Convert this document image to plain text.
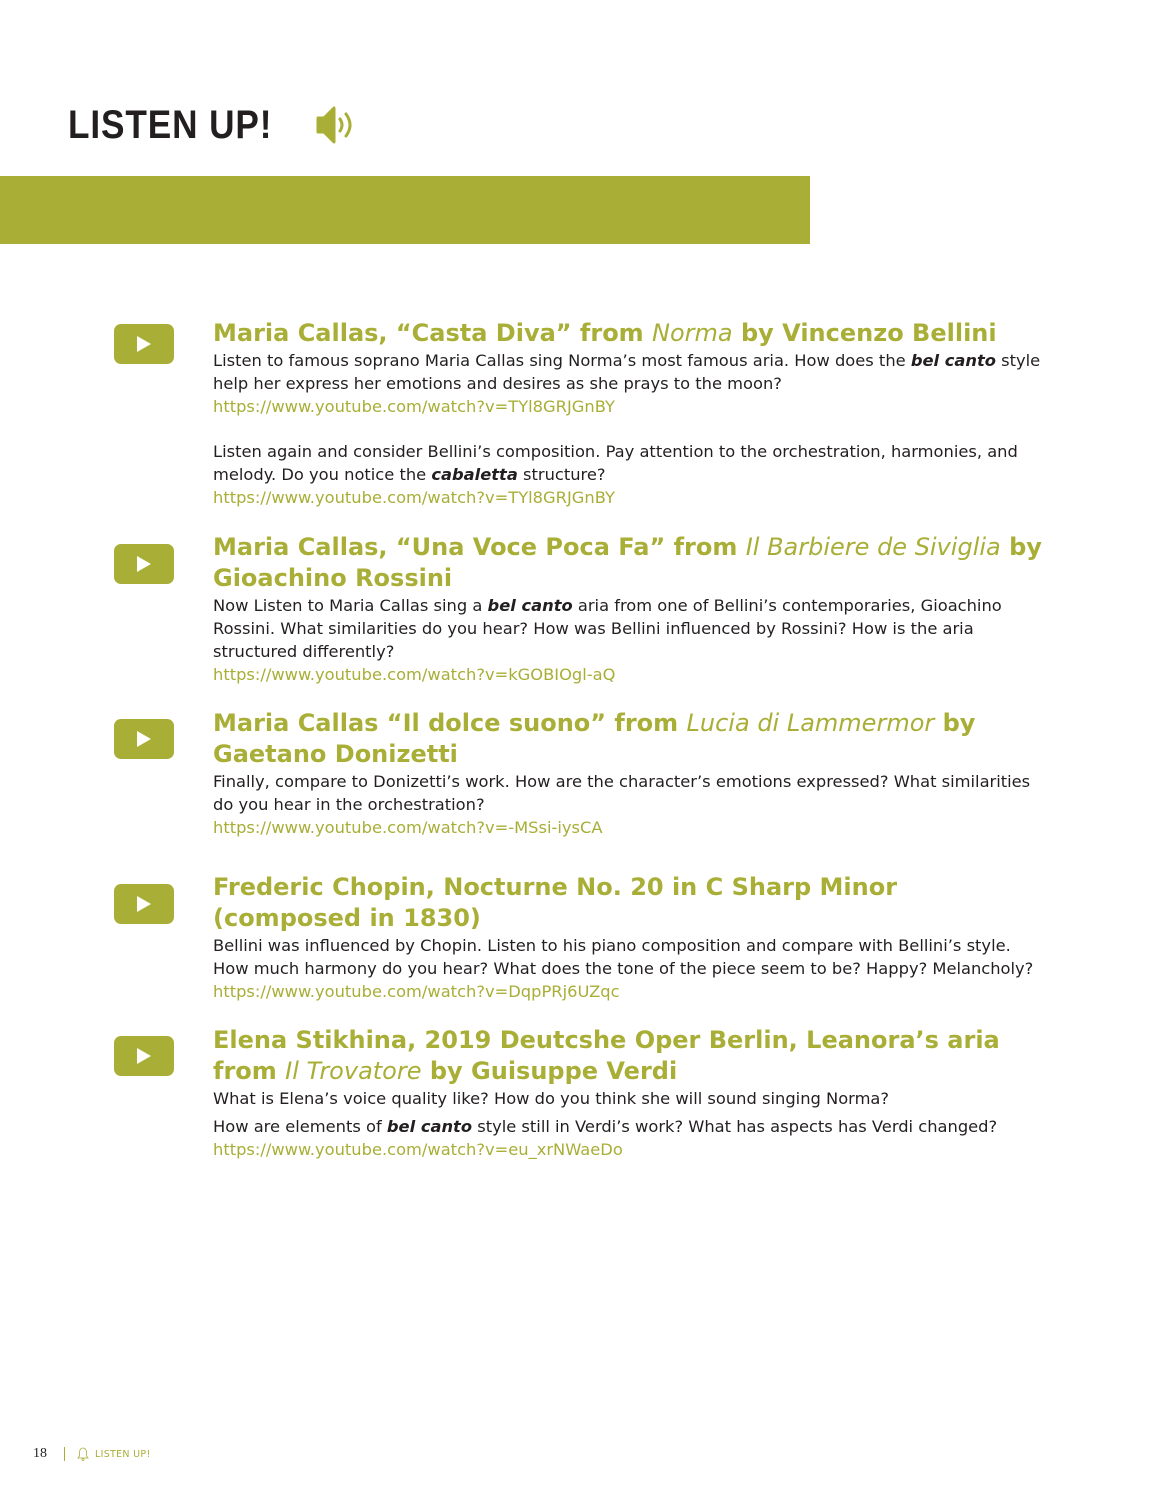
LISTEN UP!
Maria Callas, “Casta Diva” from Norma by Vincenzo Bellini

Listen to famous soprano Maria Callas sing Norma’s most famous aria. How does the bel canto style help her express her emotions and desires as she prays to the moon?

https://www.youtube.com/watch?v=TYl8GRJGnBY

Listen again and consider Bellini’s composition. Pay attention to the orchestration, harmonies, and melody. Do you notice the cabaletta structure?

https://www.youtube.com/watch?v=TYl8GRJGnBY
Maria Callas, “Una Voce Poca Fa” from Il Barbiere de Siviglia by Gioachino Rossini

Now Listen to Maria Callas sing a bel canto aria from one of Bellini’s contemporaries, Gioachino Rossini. What similarities do you hear? How was Bellini influenced by Rossini? How is the aria structured differently?

https://www.youtube.com/watch?v=kGOBIOgl-aQ
Maria Callas “Il dolce suono” from Lucia di Lammermor by Gaetano Donizetti

Finally, compare to Donizetti’s work. How are the character’s emotions expressed? What similarities do you hear in the orchestration?

https://www.youtube.com/watch?v=-MSsi-iysCA
Frederic Chopin, Nocturne No. 20 in C Sharp Minor (composed in 1830)

Bellini was influenced by Chopin. Listen to his piano composition and compare with Bellini’s style. How much harmony do you hear? What does the tone of the piece seem to be? Happy? Melancholy?

https://www.youtube.com/watch?v=DqpPRj6UZqc
Elena Stikhina, 2019 Deutcshe Oper Berlin, Leanora’s aria from Il Trovatore by Guisuppe Verdi

What is Elena’s voice quality like? How do you think she will sound singing Norma?

How are elements of bel canto style still in Verdi’s work? What has aspects has Verdi changed?

https://www.youtube.com/watch?v=eu_xrNWaeDo
18	LISTEN UP!
